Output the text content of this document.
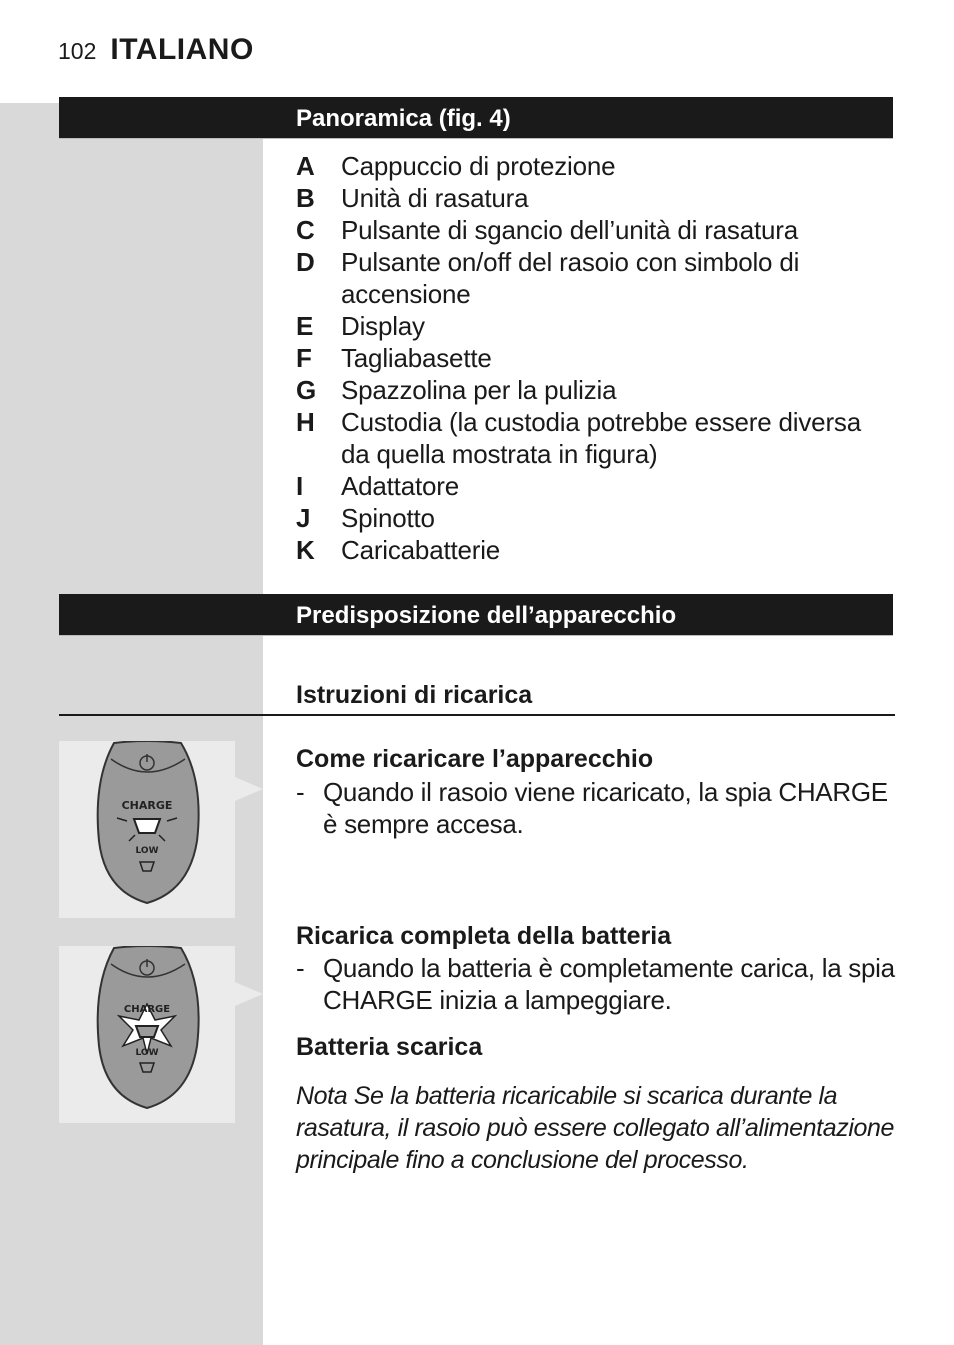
102 ITALIANO
Panoramica (fig. 4)
A	Cappuccio di protezione
B	Unità di rasatura
C	Pulsante di sgancio dell’unità di rasatura
D	Pulsante on/off del rasoio con simbolo di accensione
E	Display
F	Tagliabasette
G Spazzolina per la pulizia
H	Custodia (la custodia potrebbe essere diversa da quella mostrata in figura)
I	Adattatore
J	Spinotto
K	Caricabatterie
Predisposizione dell’apparecchio
Istruzioni di ricarica
CHARGE
LOW
Come ricaricare l’apparecchio
- Quando il rasoio viene ricaricato, la spia CHARGE è sempre accesa.
CHARGE
LOW
Ricarica completa della batteria
- Quando la batteria è completamente carica, la spia CHARGE inizia a lampeggiare.
Batteria scarica

Nota Se la batteria ricaricabile si scarica durante la rasatura, il rasoio può essere collegato all’alimentazione principale fino a conclusione del processo.
